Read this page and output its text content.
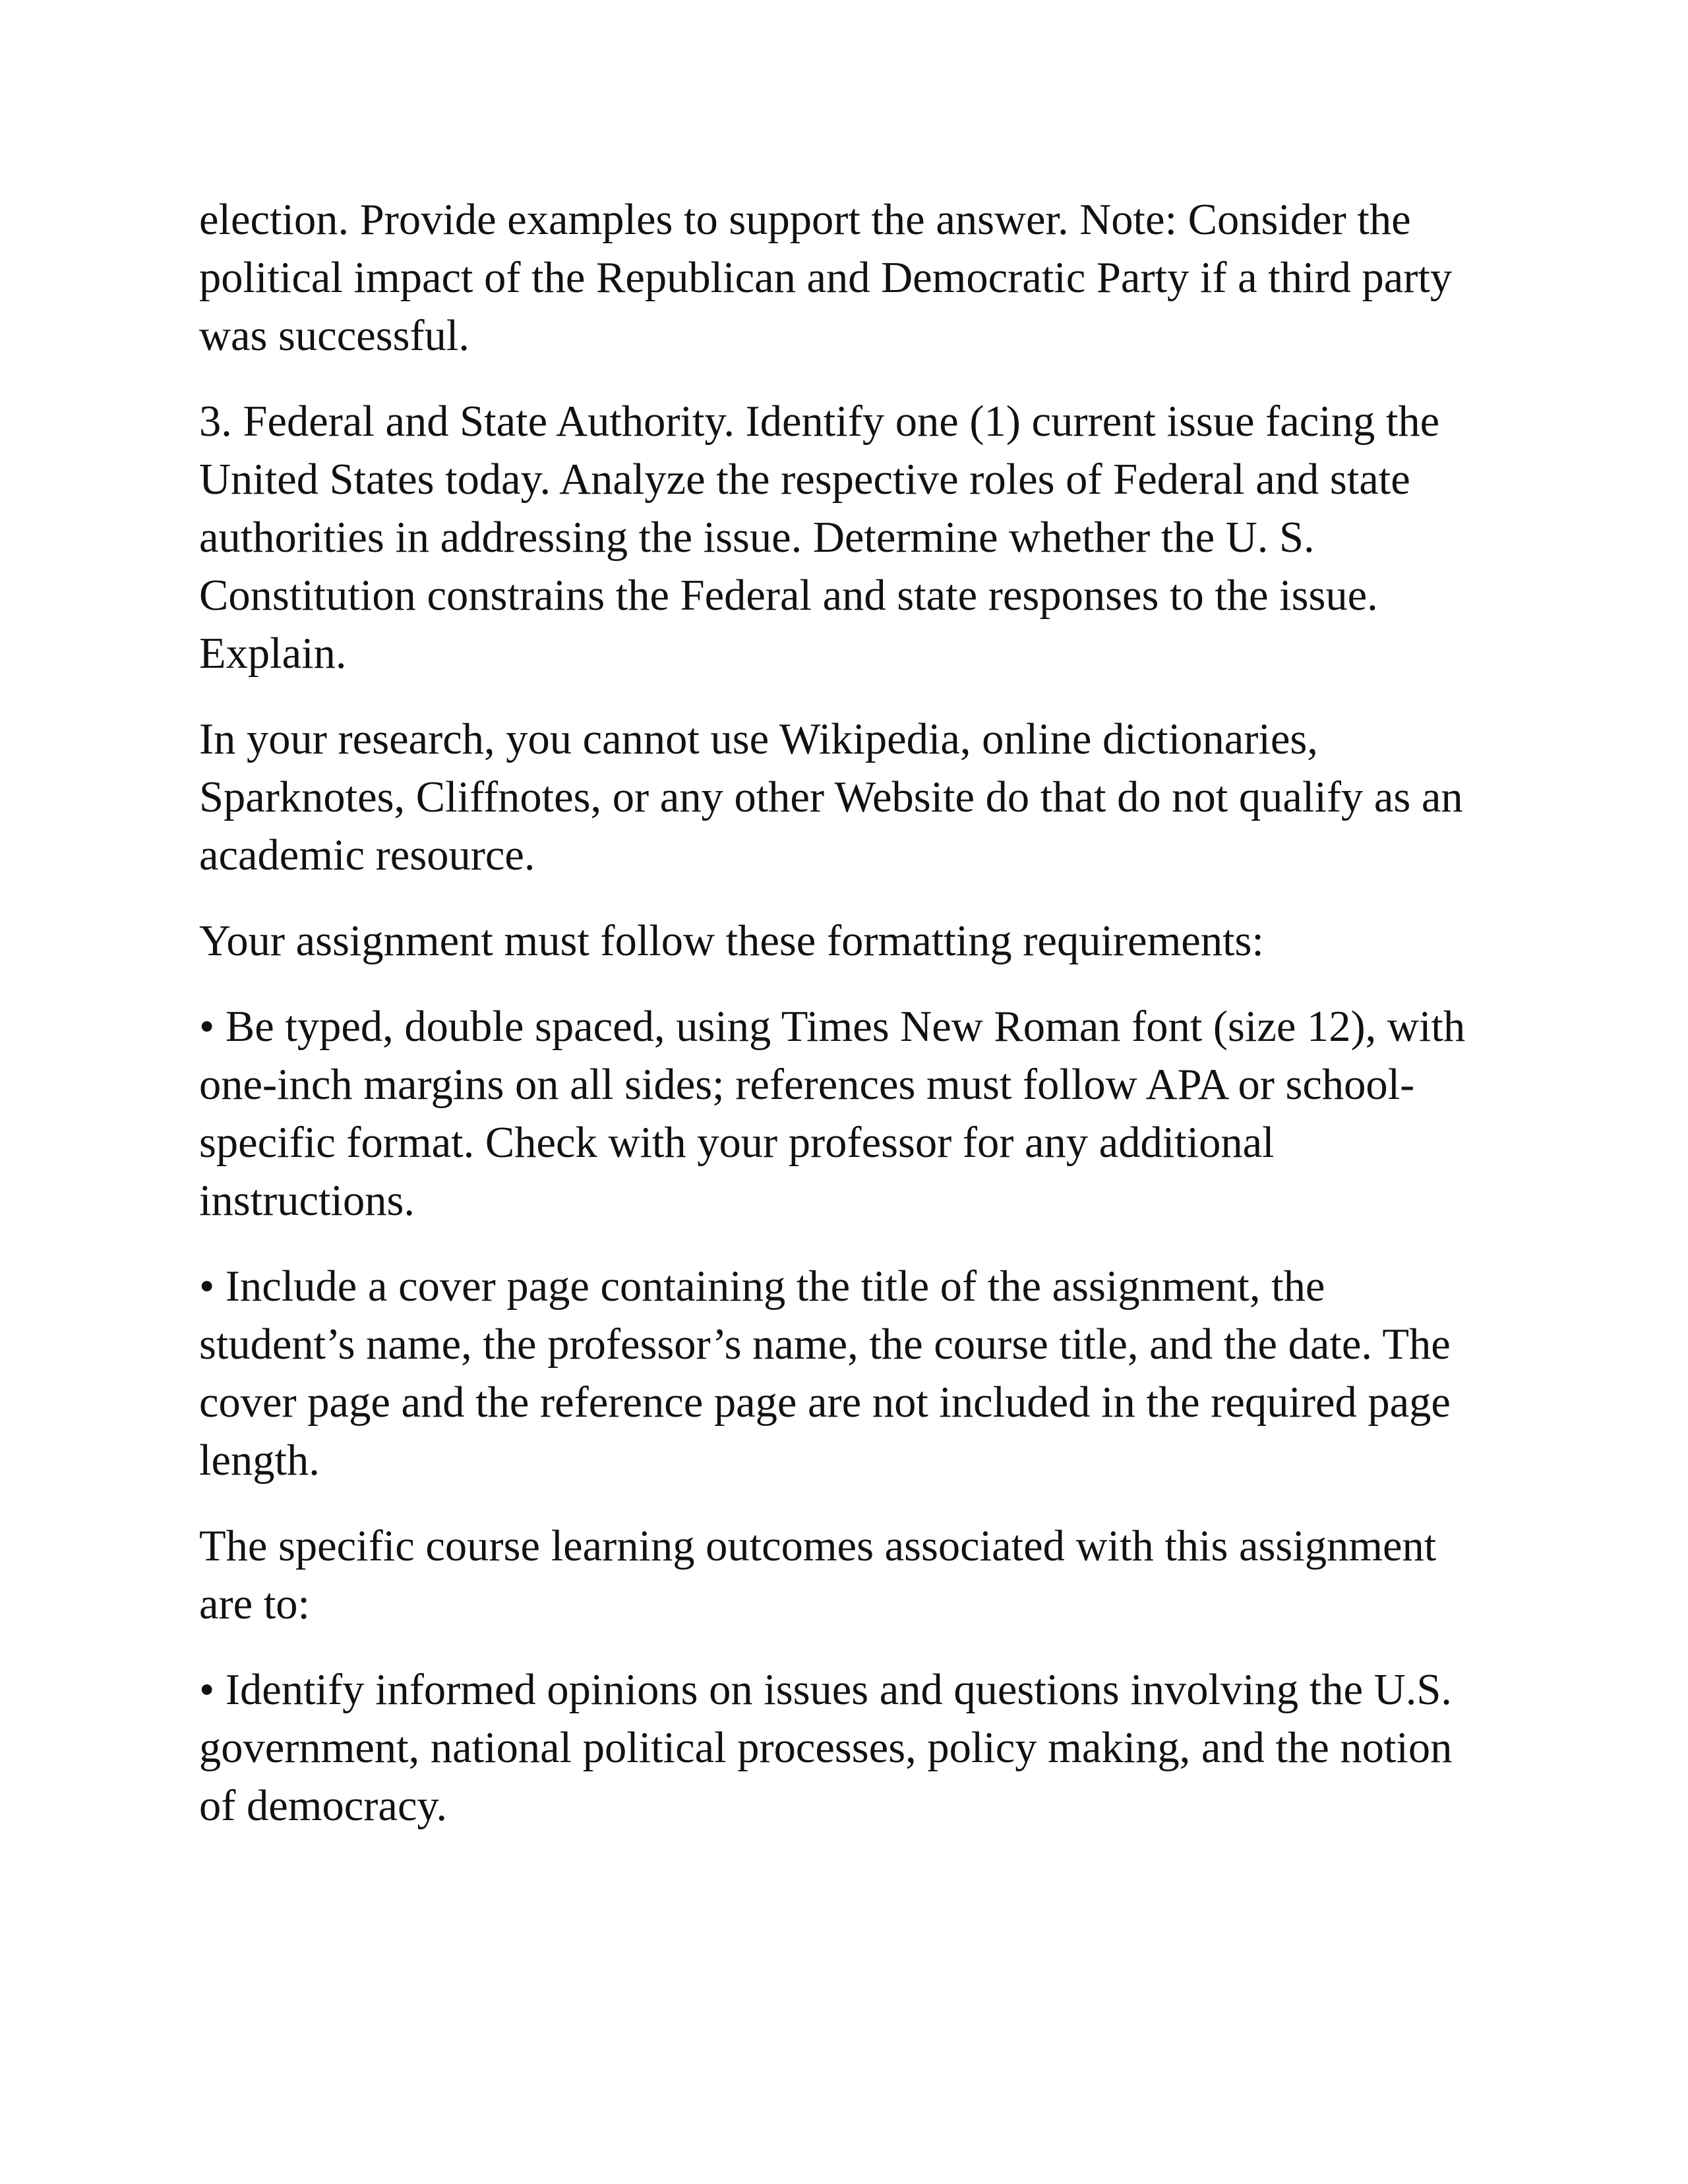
election. Provide examples to support the answer. Note: Consider the political impact of the Republican and Democratic Party if a third party was successful.

3. Federal and State Authority. Identify one (1) current issue facing the United States today. Analyze the respective roles of Federal and state authorities in addressing the issue. Determine whether the U. S. Constitution constrains the Federal and state responses to the issue. Explain.

In your research, you cannot use Wikipedia, online dictionaries, Sparknotes, Cliffnotes, or any other Website do that do not qualify as an academic resource.

Your assignment must follow these formatting requirements:

• Be typed, double spaced, using Times New Roman font (size 12), with one-inch margins on all sides; references must follow APA or school-specific format. Check with your professor for any additional instructions.

• Include a cover page containing the title of the assignment, the student’s name, the professor’s name, the course title, and the date. The cover page and the reference page are not included in the required page length.

The specific course learning outcomes associated with this assignment are to:

• Identify informed opinions on issues and questions involving the U.S. government, national political processes, policy making, and the notion of democracy.
